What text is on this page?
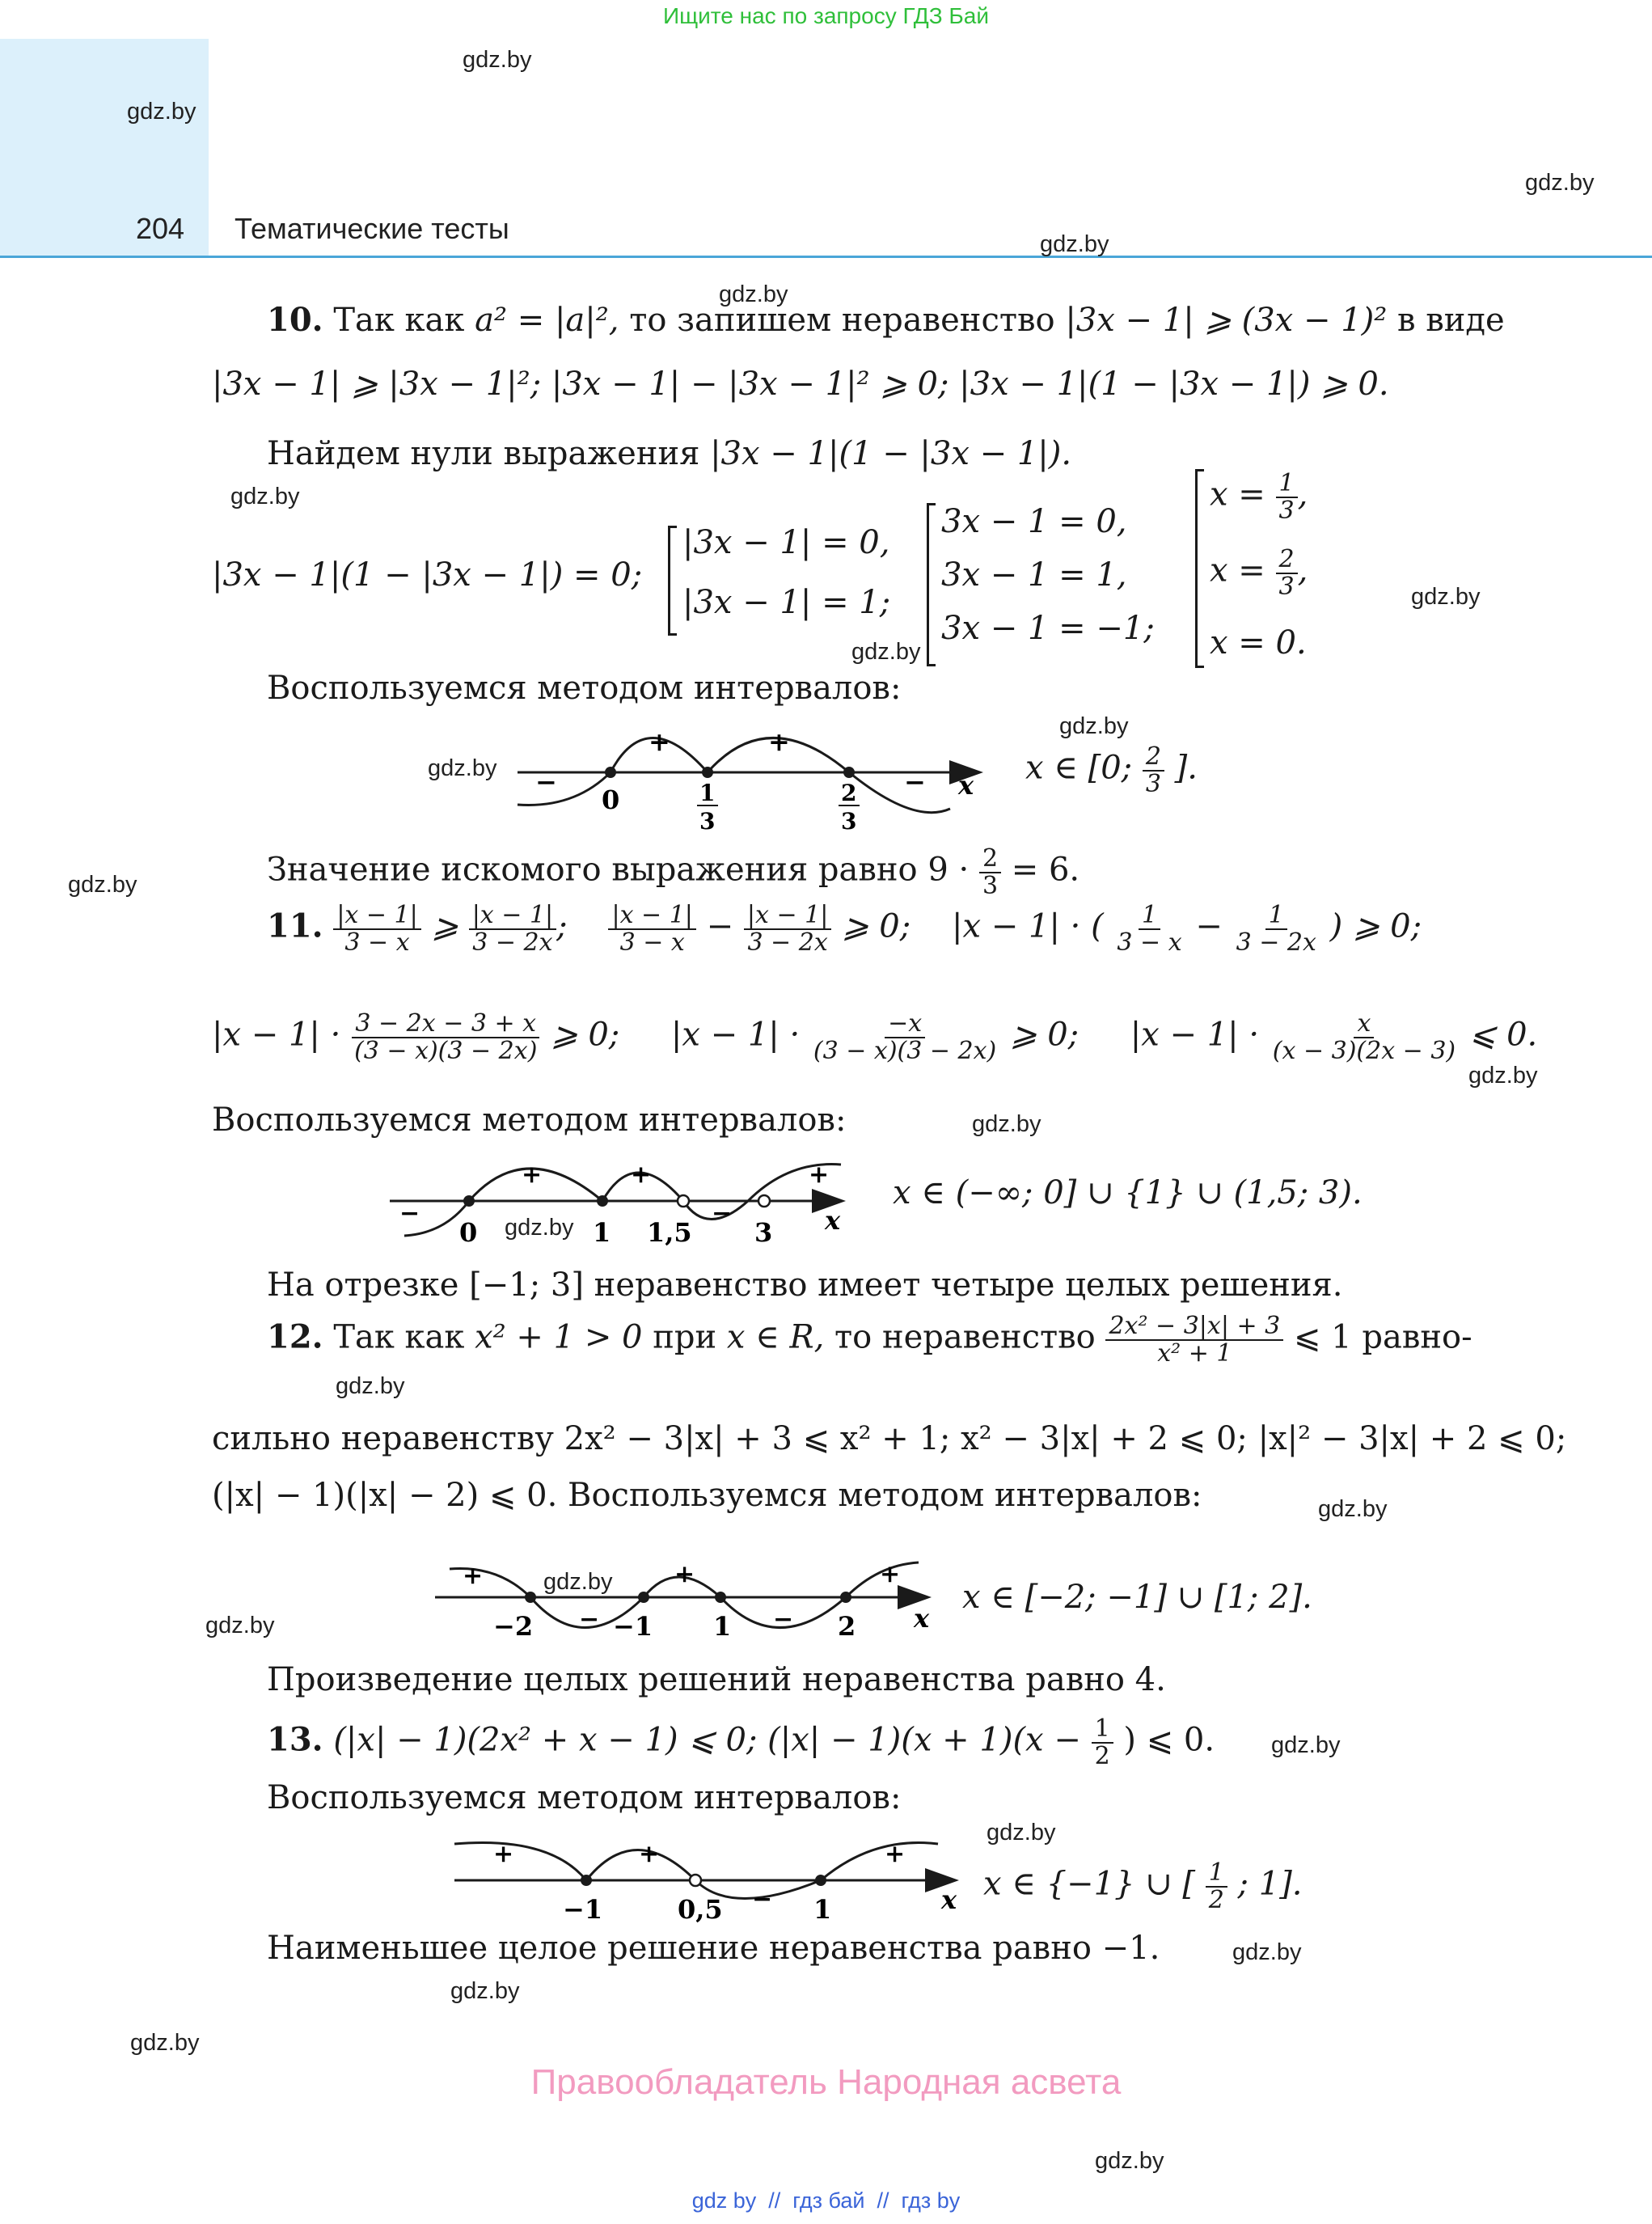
Ищите нас по запросу ГДЗ Бай
204 Тематические тесты
gdz.by
gdz.by
gdz.by
gdz.by
gdz.by
gdz.by
gdz.by
gdz.by
gdz.by
gdz.by
gdz.by
gdz.by
gdz.by
gdz.by
gdz.by
gdz.by
gdz.by
gdz.by
gdz.by
gdz.by
gdz.by
gdz.by
gdz.by
gdz.by
10. Так как a² = |a|², то запишем неравенство |3x − 1| ⩾ (3x − 1)² в виде
|3x − 1| ⩾ |3x − 1|²; |3x − 1| − |3x − 1|² ⩾ 0; |3x − 1|(1 − |3x − 1|) ⩾ 0.
Найдем нули выражения |3x − 1|(1 − |3x − 1|).
|3x − 1|(1 − |3x − 1|) = 0;
|3x − 1| = 0,
|3x − 1| = 1;
3x − 1 = 0,
3x − 1 = 1,
3x − 1 = −1;
$x = \frac{1}{3}$ ,
$x = \frac{2}{3}$ ,
x = 0.
Воспользуемся методом интервалов:
−
+	+
−
0	1
3
2
3
x x ∈ [0; $\frac{2}{3}$ ].
Значение искомого выражения равно $9 \cdot \frac{2}{3} = 6$.
11. $\frac{|x - 1|}{3 - x}$ ⩾ $\frac{|x - 1|}{3 - 2x}$ ; $\frac{|x - 1|}{3 - x} - \frac{|x - 1|}{3 - 2x}$ ⩾ 0; |x − 1| · ( $\frac{1}{3 - x} - \frac{1}{3 - 2x}$ ) ⩾ 0;
$|x - 1| \cdot \frac{3 - 2x - 3 + x}{(3 - x)(3 - 2x)}$ ⩾ 0; $|x - 1| \cdot \frac{-x}{(3 - x)(3 - 2x)}$ ⩾ 0; $|x - 1| \cdot \frac{x}{(x - 3)(2x - 3)}$ ⩽ 0.
Воспользуемся методом интервалов:
−
+	+
−
+
0	1 1,5 3 x
x ∈ (−∞; 0] ∪ {1} ∪ (1,5; 3).
На отрезке [−1; 3] неравенство имеет четыре целых решения.
12. Так как x² + 1 > 0 при x ∈ R, то неравенство $\frac{\text{2x² − 3|x| + 3}}{\text{x² + 1}}$ ⩽ 1 равно-
сильно неравенству 2x² − 3|x| + 3 ⩽ x² + 1; x² − 3|x| + 2 ⩽ 0; |x|² − 3|x| + 2 ⩽ 0;
(|x| − 1)(|x| − 2) ⩽ 0. Воспользуемся методом интервалов:
+
−
+
−
+
−2	−1 1	2 x
x ∈ [−2; −1] ∪ [1; 2].
Произведение целых решений неравенства равно 4.
13. (|x| − 1)(2x² + x − 1) ⩽ 0; $(|x| - 1)(x + 1)(x - \frac{1}{2}$ ) ⩽ 0.
Воспользуемся методом интервалов:
+	+
−
+
−1	0,5	1	x x ∈ {−1} ∪ [ $\frac{1}{2}$ ; 1].
Наименьшее целое решение неравенства равно −1.
Правообладатель Народная асвета
gdz by  //  гдз бай  //  гдз by
